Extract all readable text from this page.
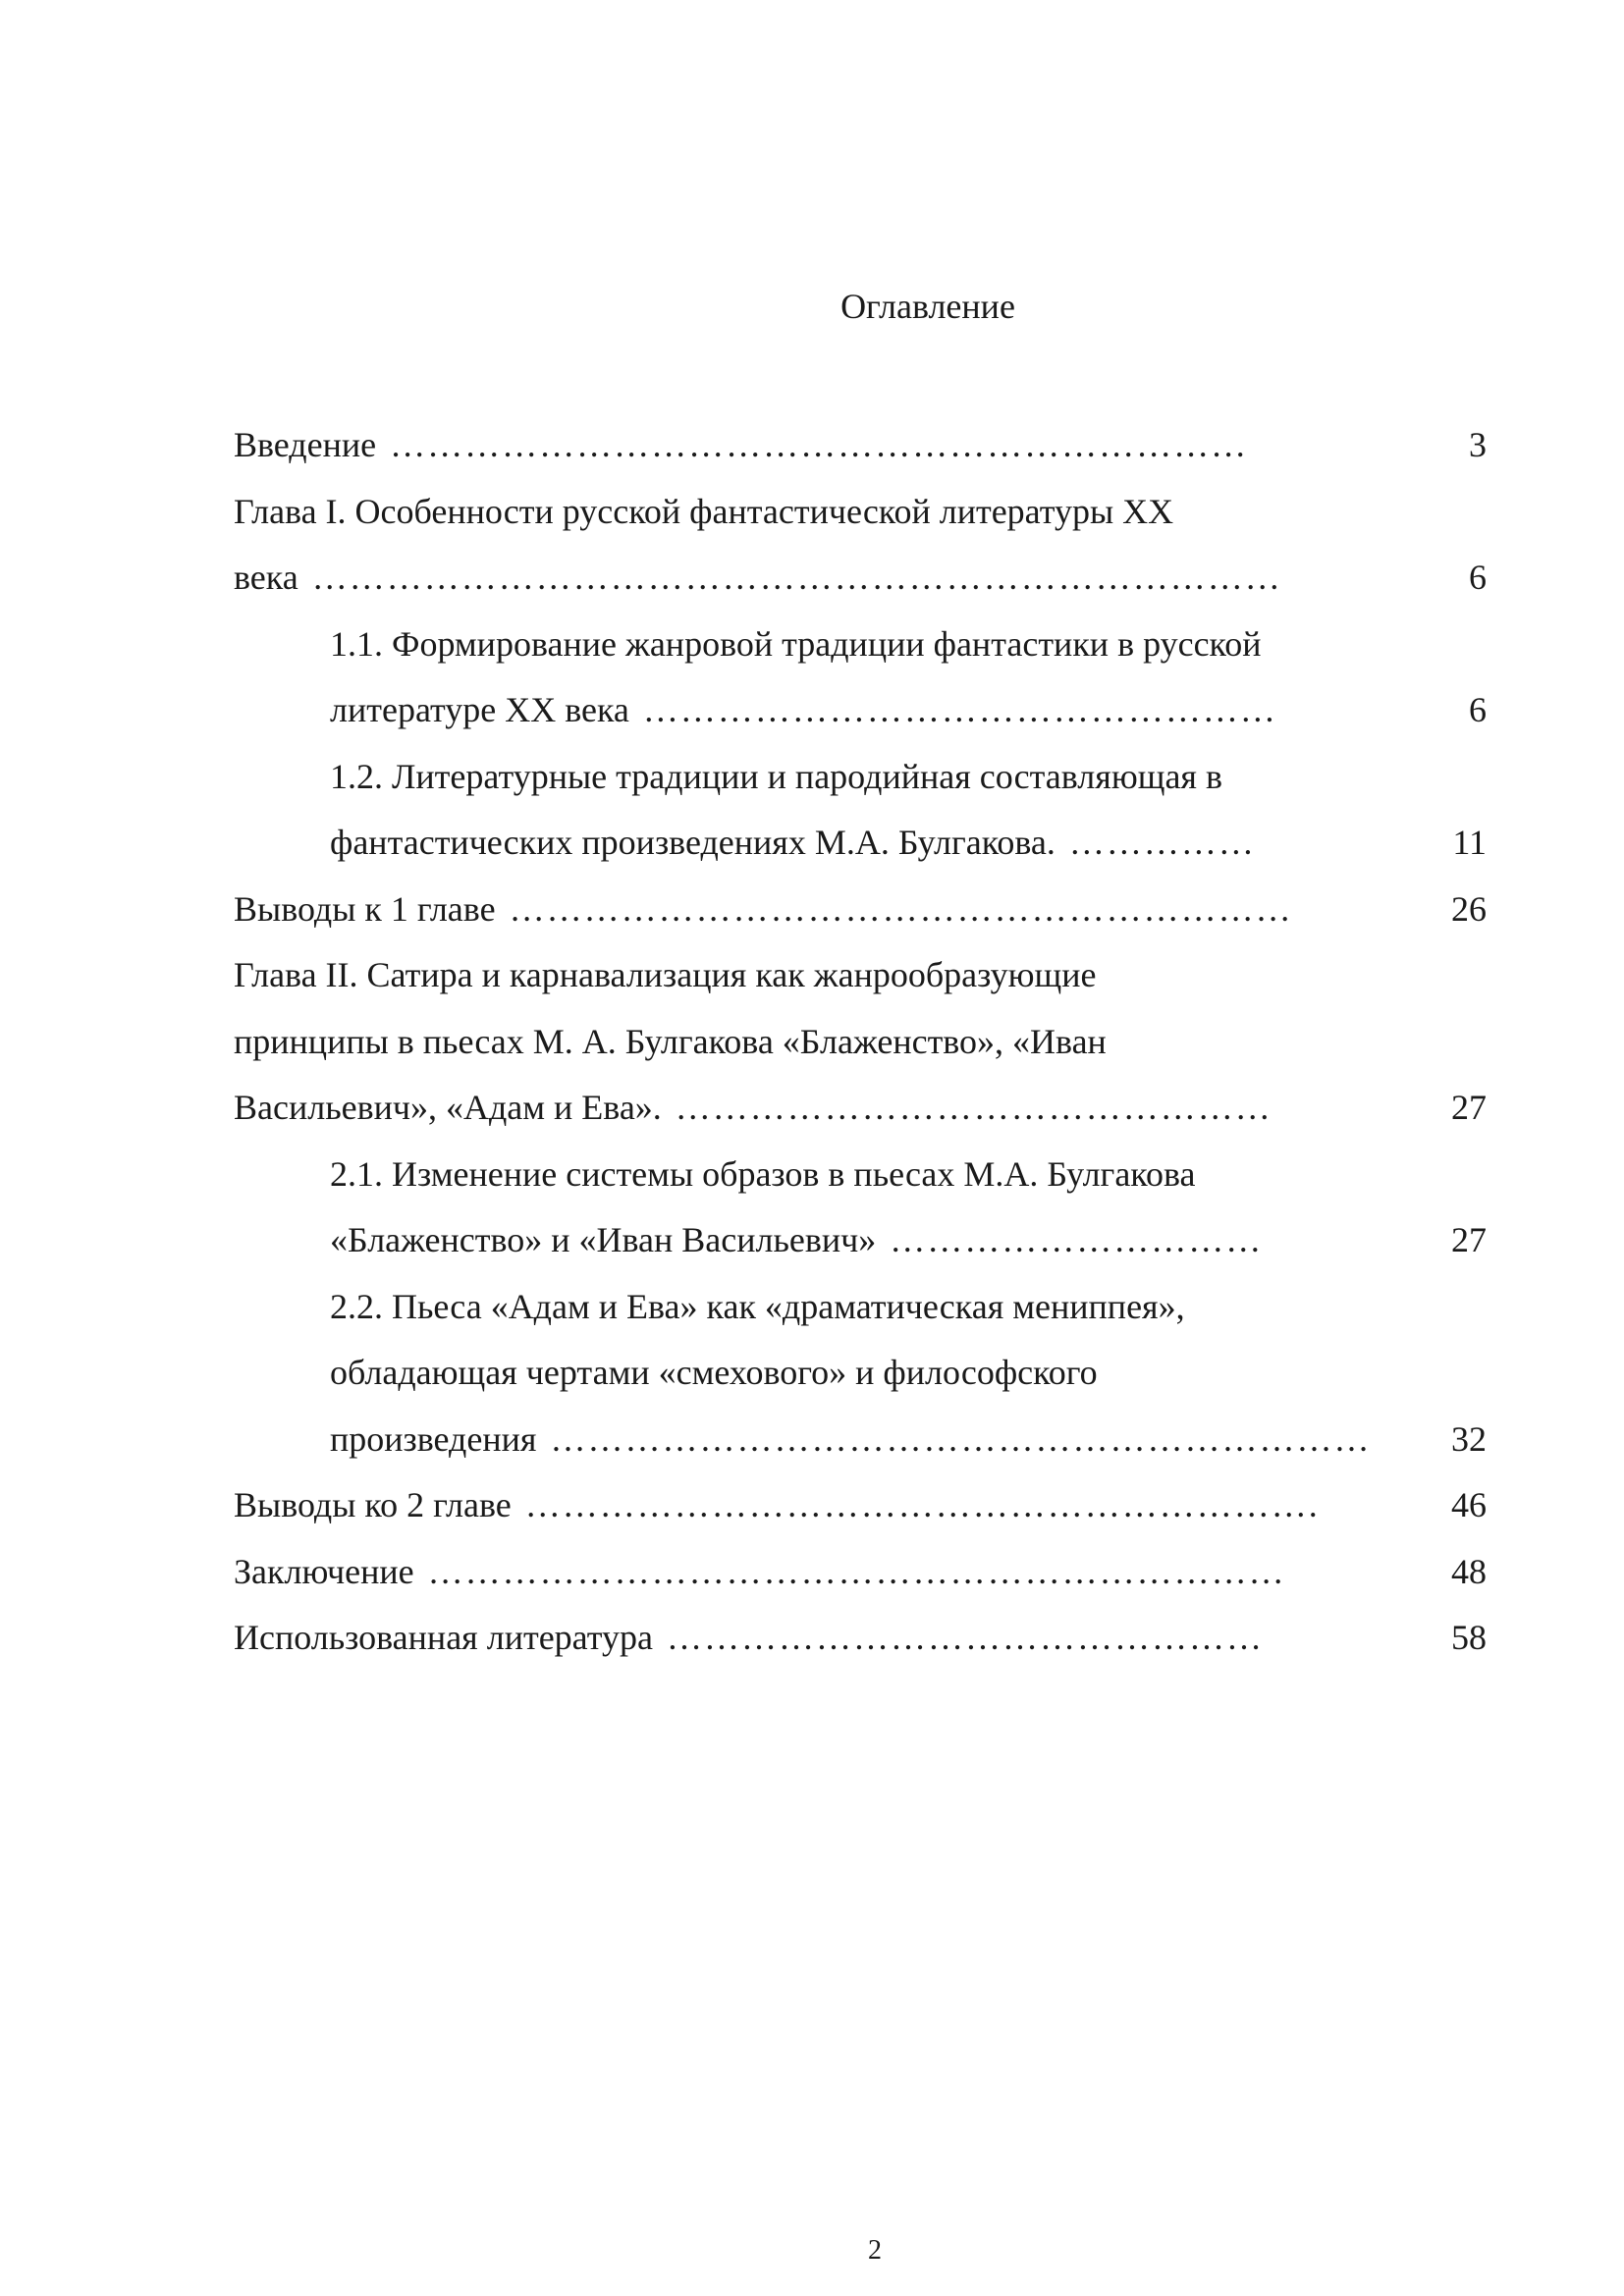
Оглавление
Введение ……………………………………………………………	3
Глава I. Особенности русской фантастической литературы ХХ
века ……………………………………………………………………	6
1.1. Формирование жанровой традиции фантастики в русской
литературе ХХ века ……………………………………………	6
1.2. Литературные традиции и пародийная составляющая в
фантастических произведениях М.А. Булгакова. ……………	11
Выводы к 1 главе ………………………………………………………	26
Глава II. Сатира и карнавализация как жанрообразующие
принципы в пьесах М. А. Булгакова «Блаженство», «Иван
Васильевич», «Адам и Ева». …………………………………………	27
2.1. Изменение системы образов в пьесах М.А. Булгакова
«Блаженство» и «Иван Васильевич» …………………………	27
2.2. Пьеса «Адам и Ева» как «драматическая мениппея»,
обладающая чертами «смехового» и философского
произведения …………………………………………………………	32
Выводы ко 2 главе ……………………………………………………….	46
Заключение ……………………………………………………………	48
Использованная литература …………………………………………	58
2
